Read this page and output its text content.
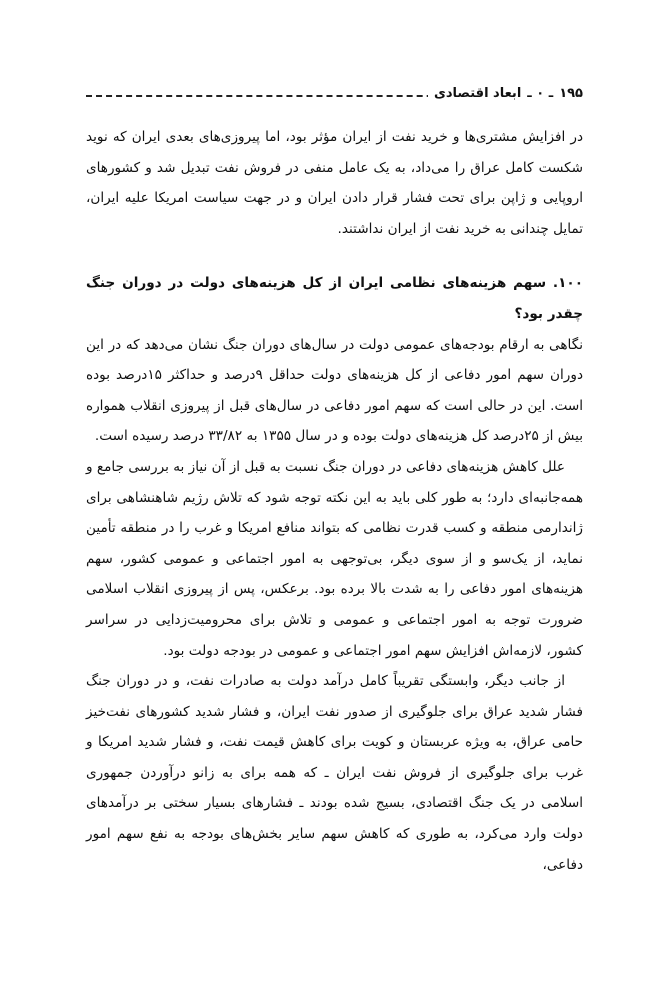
۱۹۵
ـ ۰ ـ
ابعاد اقتصادی

در افزایش مشتری‌ها و خرید نفت از ایران مؤثر بود، اما پیروزی‌های بعدی ایران که نوید شکست کامل عراق را می‌داد، به یک عامل منفی در فروش نفت تبدیل شد و کشورهای اروپایی و ژاپن برای تحت فشار قرار دادن ایران و در جهت سیاست امریکا علیه ایران، تمایل چندانی به خرید نفت از ایران نداشتند.

۱۰۰. سهم هزینه‌های نظامی ایران از کل هزینه‌های دولت در دوران جنگ چقدر بود؟

نگاهی به ارقام بودجه‌های عمومی دولت در سال‌های دوران جنگ نشان می‌دهد که در این دوران سهم امور دفاعی از کل هزینه‌های دولت حداقل ۹درصد و حداکثر ۱۵درصد بوده است. این در حالی است که سهم امور دفاعی در سال‌های قبل از پیروزی انقلاب همواره بیش از ۲۵درصد کل هزینه‌های دولت بوده و در سال ۱۳۵۵ به ۳۳/۸۲ درصد رسیده است.

علل کاهش هزینه‌های دفاعی در دوران جنگ نسبت به قبل از آن نیاز به بررسی جامع و همه‌جانبه‌ای دارد؛ به طور کلی باید به این نکته توجه شود که تلاش رژیم شاهنشاهی برای ژاندارمی منطقه و کسب قدرت نظامی که بتواند منافع امریکا و غرب را در منطقه تأمین نماید، از یک‌سو و از سوی دیگر، بی‌توجهی به امور اجتماعی و عمومی کشور، سهم هزینه‌های امور دفاعی را به شدت بالا برده بود. برعکس، پس از پیروزی انقلاب اسلامی ضرورت توجه به امور اجتماعی و عمومی و تلاش برای محرومیت‌زدایی در سراسر کشور، لازمه‌اش افزایش سهم امور اجتماعی و عمومی در بودجه دولت بود.

از جانب دیگر، وابستگی تقریباً کامل درآمد دولت به صادرات نفت، و در دوران جنگ فشار شدید عراق برای جلوگیری از صدور نفت ایران، و فشار شدید کشورهای نفت‌خیز حامی عراق، به ویژه عربستان و کویت برای کاهش قیمت نفت، و فشار شدید امریکا و غرب برای جلوگیری از فروش نفت ایران ـ که همه برای به زانو درآوردن جمهوری اسلامی در یک جنگ اقتصادی، بسیج شده بودند ـ فشارهای بسیار سختی بر درآمدهای دولت وارد می‌کرد، به طوری که کاهش سهم سایر بخش‌های بودجه به نفع سهم امور دفاعی،
